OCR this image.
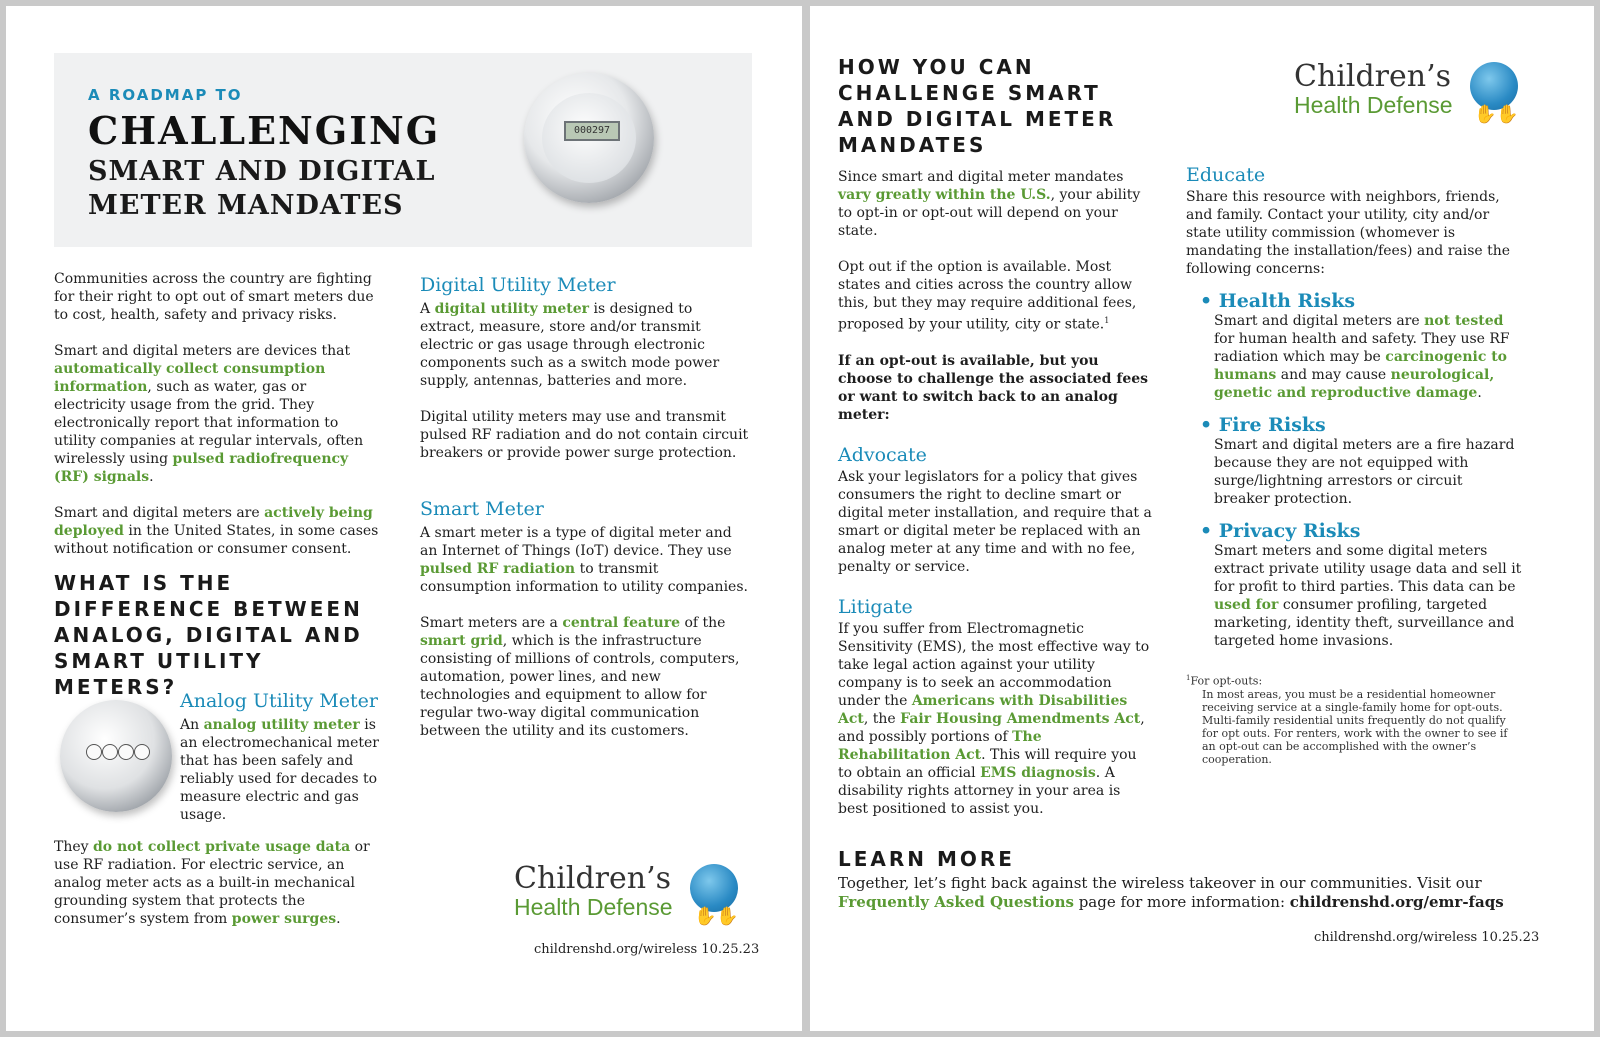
A ROADMAP TO
CHALLENGING
SMART AND DIGITAL METER MANDATES
000297

Communities across the country are fighting for their right to opt out of smart meters due to cost, health, safety and privacy risks.

Smart and digital meters are devices that automatically collect consumption information, such as water, gas or electricity usage from the grid. They electronically report that information to utility companies at regular intervals, often wirelessly using pulsed radiofrequency (RF) signals.

Smart and digital meters are actively being deployed in the United States, in some cases without notification or consumer consent.

WHAT IS THE DIFFERENCE BETWEEN ANALOG, DIGITAL AND SMART UTILITY METERS?
Analog Utility Meter

An analog utility meter is an electromechanical meter that has been safely and reliably used for decades to measure electric and gas usage.

They do not collect private usage data or use RF radiation. For electric service, an analog meter acts as a built-in mechanical grounding system that protects the consumer’s system from power surges.

Digital Utility Meter

A digital utility meter is designed to extract, measure, store and/or transmit electric or gas usage through electronic components such as a switch mode power supply, antennas, batteries and more.

Digital utility meters may use and transmit pulsed RF radiation and do not contain circuit breakers or provide power surge protection.

Smart Meter

A smart meter is a type of digital meter and an Internet of Things (IoT) device. They use pulsed RF radiation to transmit consumption information to utility companies.

Smart meters are a central feature of the smart grid, which is the infrastructure consisting of millions of controls, computers, automation, power lines, and new technologies and equipment to allow for regular two-way digital communication between the utility and its customers.

Children’s
Health Defense	✋✋
childrenshd.org/wireless 10.25.23
HOW YOU CAN CHALLENGE SMART AND DIGITAL METER MANDATES
Children’s
Health Defense	✋✋

Since smart and digital meter mandates vary greatly within the U.S., your ability to opt-in or opt-out will depend on your state.

Opt out if the option is available. Most states and cities across the country allow this, but they may require additional fees, proposed by your utility, city or state.$^1$

If an opt-out is available, but you choose to challenge the associated fees or want to switch back to an analog meter:

Advocate

Ask your legislators for a policy that gives consumers the right to decline smart or digital meter installation, and require that a smart or digital meter be replaced with an analog meter at any time and with no fee, penalty or service.

Litigate

If you suffer from Electromagnetic Sensitivity (EMS), the most effective way to take legal action against your utility company is to seek an accommodation under the Americans with Disabilities Act, the Fair Housing Amendments Act, and possibly portions of The Rehabilitation Act. This will require you to obtain an official EMS diagnosis. A disability rights attorney in your area is best positioned to assist you.

Educate

Share this resource with neighbors, friends, and family. Contact your utility, city and/or state utility commission (whomever is mandating the installation/fees) and raise the following concerns:

• Health Risks

Smart and digital meters are not tested for human health and safety. They use RF radiation which may be carcinogenic to humans and may cause neurological, genetic and reproductive damage.

• Fire Risks

Smart and digital meters are a fire hazard because they are not equipped with surge/lightning arrestors or circuit breaker protection.

• Privacy Risks

Smart meters and some digital meters extract private utility usage data and sell it for profit to third parties. This data can be used for consumer profiling, targeted marketing, identity theft, surveillance and targeted home invasions.

$^1$For opt-outs:

In most areas, you must be a residential homeowner receiving service at a single-family home for opt-outs. Multi-family residential units frequently do not qualify for opt outs. For renters, work with the owner to see if an opt-out can be accomplished with the owner’s cooperation.

LEARN MORE

Together, let’s fight back against the wireless takeover in our communities. Visit our Frequently Asked Questions page for more information: childrenshd.org/emr-faqs

childrenshd.org/wireless 10.25.23
